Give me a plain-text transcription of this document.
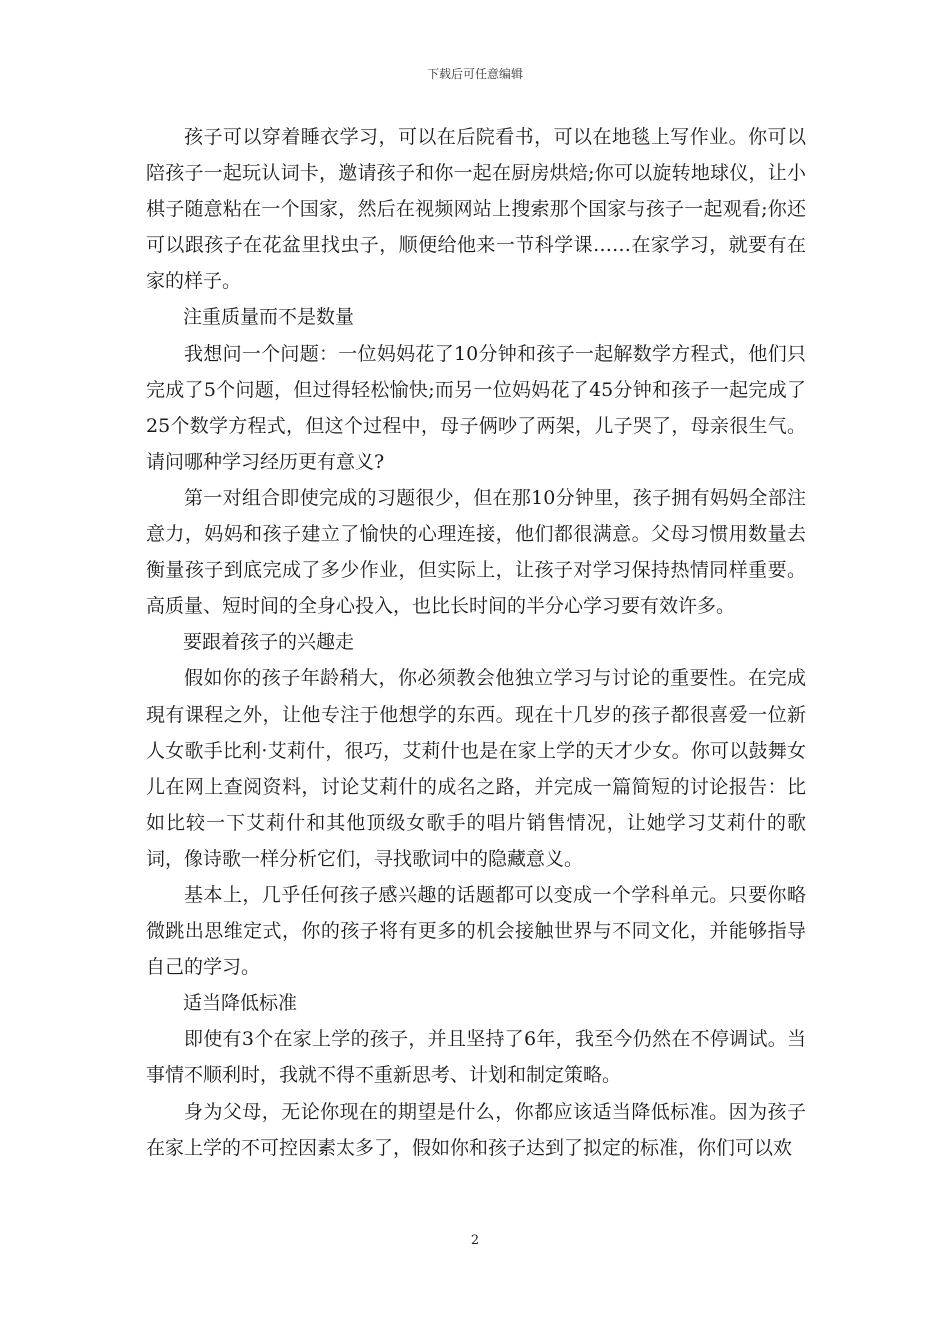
下载后可任意编辑

孩子可以穿着睡衣学习，可以在后院看书，可以在地毯上写作业。你可以陪孩子一起玩认词卡，邀请孩子和你一起在厨房烘焙;你可以旋转地球仪，让小棋子随意粘在一个国家，然后在视频网站上搜索那个国家与孩子一起观看;你还可以跟孩子在花盆里找虫子，顺便给他来一节科学课……在家学习，就要有在家的样子。

注重质量而不是数量

我想问一个问题：一位妈妈花了10分钟和孩子一起解数学方程式，他们只完成了5个问题，但过得轻松愉快;而另一位妈妈花了45分钟和孩子一起完成了25个数学方程式，但这个过程中，母子俩吵了两架，儿子哭了，母亲很生气。请问哪种学习经历更有意义?

第一对组合即使完成的习题很少，但在那10分钟里，孩子拥有妈妈全部注意力，妈妈和孩子建立了愉快的心理连接，他们都很满意。父母习惯用数量去衡量孩子到底完成了多少作业，但实际上，让孩子对学习保持热情同样重要。高质量、短时间的全身心投入，也比长时间的半分心学习要有效许多。

要跟着孩子的兴趣走

假如你的孩子年龄稍大，你必须教会他独立学习与讨论的重要性。在完成現有课程之外，让他专注于他想学的东西。现在十几岁的孩子都很喜爱一位新人女歌手比利·艾莉什，很巧，艾莉什也是在家上学的天才少女。你可以鼓舞女儿在网上查阅资料，讨论艾莉什的成名之路，并完成一篇简短的讨论报告：比如比较一下艾莉什和其他顶级女歌手的唱片销售情况，让她学习艾莉什的歌词，像诗歌一样分析它们，寻找歌词中的隐藏意义。

基本上，几乎任何孩子感兴趣的话题都可以变成一个学科单元。只要你略微跳出思维定式，你的孩子将有更多的机会接触世界与不同文化，并能够指导自己的学习。

适当降低标准

即使有3个在家上学的孩子，并且坚持了6年，我至今仍然在不停调试。当事情不顺利时，我就不得不重新思考、计划和制定策略。

身为父母，无论你现在的期望是什么，你都应该适当降低标准。因为孩子在家上学的不可控因素太多了，假如你和孩子达到了拟定的标准，你们可以欢

2
